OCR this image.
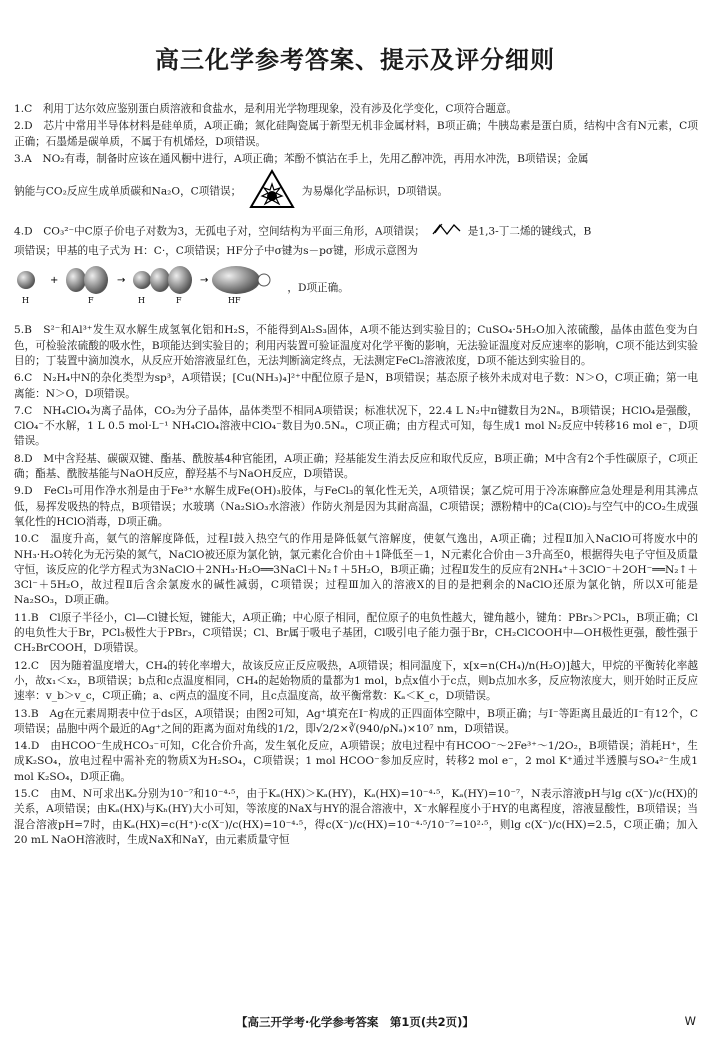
高三化学参考答案、提示及评分细则

1.C　利用丁达尔效应鉴别蛋白质溶液和食盐水，是利用光学物理现象，没有涉及化学变化，C项符合题意。

2.D　芯片中常用半导体材料是硅单质，A项正确；氮化硅陶瓷属于新型无机非金属材料，B项正确；牛胰岛素是蛋白质，结构中含有N元素，C项正确；石墨烯是碳单质，不属于有机烯烃，D项错误。

3.A　NO₂有毒，制备时应该在通风橱中进行，A项正确；苯酚不慎沾在手上，先用乙醇冲洗，再用水冲洗，B项错误；金属

钠能与CO₂反应生成单质碳和Na₂O，C项错误；	为易爆化学品标识，D项错误。

4.D　CO₃²⁻中C原子价电子对数为3，无孤电子对，空间结构为平面三角形，A项错误；	是1,3-丁二烯的键线式，B

项错误；甲基的电子式为 H：C·，C项错误；HF分子中σ键为s－pσ键，形成示意图为

+	→	→
H	F	H	F	HF
，D项正确。

5.B　S²⁻和Al³⁺发生双水解生成氢氧化铝和H₂S，不能得到Al₂S₃固体，A项不能达到实验目的；CuSO₄·5H₂O加入浓硫酸，晶体由蓝色变为白色，可检验浓硫酸的吸水性，B项能达到实验目的；利用丙装置可验证温度对化学平衡的影响，无法验证温度对反应速率的影响，C项不能达到实验目的；丁装置中滴加溴水，从反应开始溶液显红色，无法判断滴定终点，无法测定FeCl₂溶液浓度，D项不能达到实验目的。

6.C　N₂H₄中N的杂化类型为sp³，A项错误；[Cu(NH₃)₄]²⁺中配位原子是N，B项错误；基态原子核外未成对电子数：N＞O，C项正确；第一电离能：N＞O，D项错误。

7.C　NH₄ClO₄为离子晶体，CO₂为分子晶体，晶体类型不相同A项错误；标准状况下，22.4 L N₂中π键数目为2Nₐ，B项错误；HClO₄是强酸，ClO₄⁻不水解，1 L 0.5 mol·L⁻¹ NH₄ClO₄溶液中ClO₄⁻数目为0.5Nₐ，C项正确；由方程式可知，每生成1 mol N₂反应中转移16 mol e⁻，D项错误。

8.D　M中含羟基、碳碳双键、酯基、酰胺基4种官能团，A项正确；羟基能发生消去反应和取代反应，B项正确；M中含有2个手性碳原子，C项正确；酯基、酰胺基能与NaOH反应，醇羟基不与NaOH反应，D项错误。

9.D　FeCl₃可用作净水剂是由于Fe³⁺水解生成Fe(OH)₃胶体，与FeCl₃的氧化性无关，A项错误；氯乙烷可用于冷冻麻醉应急处理是利用其沸点低，易挥发吸热的特点，B项错误；水玻璃（Na₂SiO₃水溶液）作防火剂是因为其耐高温，C项错误；漂粉精中的Ca(ClO)₂与空气中的CO₂生成强氧化性的HClO消毒，D项正确。

10.C　温度升高，氨气的溶解度降低，过程Ⅰ鼓入热空气的作用是降低氨气溶解度，使氨气逸出，A项正确；过程Ⅱ加入NaClO可将废水中的NH₃·H₂O转化为无污染的氮气，NaClO被还原为氯化钠，氯元素化合价由＋1降低至－1，N元素化合价由－3升高至0，根据得失电子守恒及质量守恒，该反应的化学方程式为3NaClO＋2NH₃·H₂O══3NaCl＋N₂↑＋5H₂O，B项正确；过程Ⅱ发生的反应有2NH₄⁺＋3ClO⁻＋2OH⁻══N₂↑＋3Cl⁻＋5H₂O，故过程Ⅱ后含余氯废水的碱性减弱，C项错误；过程Ⅲ加入的溶液X的目的是把剩余的NaClO还原为氯化钠，所以X可能是Na₂SO₃，D项正确。

11.B　Cl原子半径小，Cl—Cl键长短，键能大，A项正确；中心原子相同，配位原子的电负性越大，键角越小，键角：PBr₃＞PCl₃，B项正确；Cl的电负性大于Br，PCl₃极性大于PBr₃，C项错误；Cl、Br属于吸电子基团，Cl吸引电子能力强于Br，CH₂ClCOOH中—OH极性更强，酸性强于CH₂BrCOOH，D项错误。

12.C　因为随着温度增大，CH₄的转化率增大，故该反应正反应吸热，A项错误；相同温度下，x[x=n(CH₄)/n(H₂O)]越大，甲烷的平衡转化率越小，故x₁＜x₂，B项错误；b点和c点温度相同，CH₄的起始物质的量都为1 mol，b点x值小于c点，则b点加水多，反应物浓度大，则开始时正反应速率：v_b＞v_c，C项正确；a、c两点的温度不同，且c点温度高，故平衡常数：Kₐ＜K_c，D项错误。

13.B　Ag在元素周期表中位于ds区，A项错误；由图2可知，Ag⁺填充在I⁻构成的正四面体空隙中，B项正确；与I⁻等距离且最近的I⁻有12个，C项错误；晶胞中两个最近的Ag⁺之间的距离为面对角线的1/2，即√2/2×∛(940/ρNₐ)×10⁷ nm，D项错误。

14.D　由HCOO⁻生成HCO₃⁻可知，C化合价升高，发生氧化反应，A项错误；放电过程中有HCOO⁻～2Fe³⁺～1/2O₂，B项错误；消耗H⁺，生成K₂SO₄，放电过程中需补充的物质X为H₂SO₄，C项错误；1 mol HCOO⁻参加反应时，转移2 mol e⁻，2 mol K⁺通过半透膜与SO₄²⁻生成1 mol K₂SO₄，D项正确。

15.C　由M、N可求出Kₐ分别为10⁻⁷和10⁻⁴·⁵，由于Kₐ(HX)＞Kₐ(HY)，Kₐ(HX)=10⁻⁴·⁵，Kₐ(HY)=10⁻⁷，N表示溶液pH与lg c(X⁻)/c(HX)的关系，A项错误；由Kₐ(HX)与Kₕ(HY)大小可知，等浓度的NaX与HY的混合溶液中，X⁻水解程度小于HY的电离程度，溶液显酸性，B项错误；当混合溶液pH=7时，由Kₐ(HX)=c(H⁺)·c(X⁻)/c(HX)=10⁻⁴·⁵，得c(X⁻)/c(HX)=10⁻⁴·⁵/10⁻⁷=10²·⁵，则lg c(X⁻)/c(HX)=2.5，C项正确；加入20 mL NaOH溶液时，生成NaX和NaY，由元素质量守恒

【高三开学考·化学参考答案　第1页(共2页)】	W
